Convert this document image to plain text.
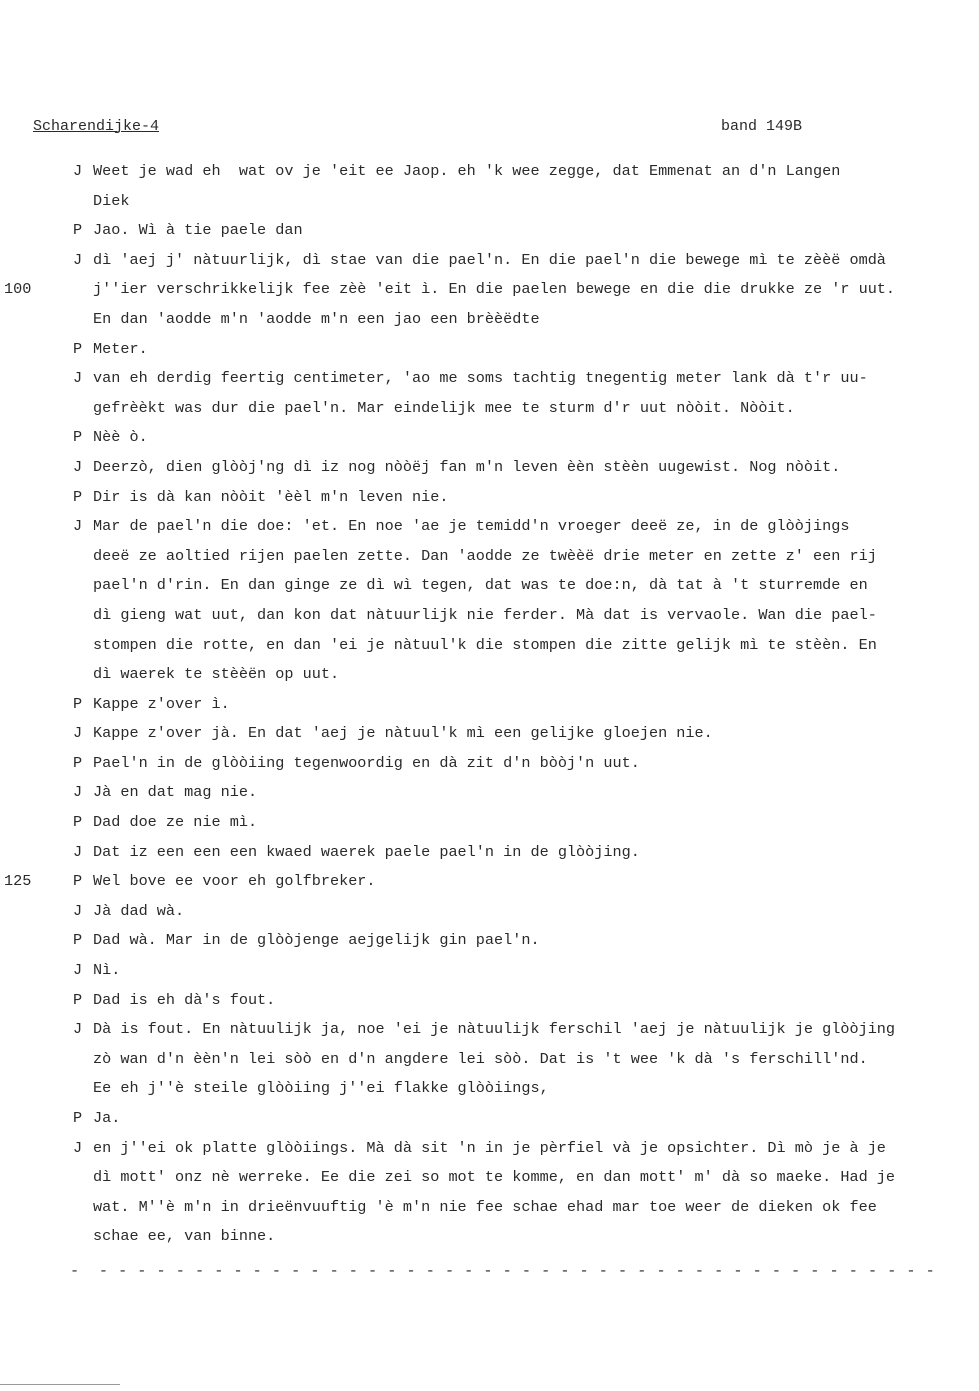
Scharendijke-4	band 149B
J Weet je wad eh  wat ov je 'eit ee Jaop. eh 'k wee zegge, dat Emmenat an d'n Langen
Diek
P Jao. Wì à tie paele dan
J dì 'aej j' nàtuurlijk, dì stae van die pael'n. En die pael'n die bewege mì te zèèë omdà
100	j''ier verschrikkelijk fee zèè 'eit ì. En die paelen bewege en die die drukke ze 'r uut.
En dan 'aodde m'n 'aodde m'n een jao een brèèëdte
P Meter.
J van eh derdig feertig centimeter, 'ao me soms tachtig tnegentig meter lank dà t'r uu-
gefrèèkt was dur die pael'n. Mar eindelijk mee te sturm d'r uut nòòit. Nòòit.
P Nèè ò.
J Deerzò, dien glòòj'ng dì iz nog nòòëj fan m'n leven èèn stèèn uugewist. Nog nòòit.
P Dir is dà kan nòòit 'èèl m'n leven nie.
J Mar de pael'n die doe: 'et. En noe 'ae je temidd'n vroeger deeë ze, in de glòòjings
deeë ze aoltied rijen paelen zette. Dan 'aodde ze twèèë drie meter en zette z' een rij
pael'n d'rin. En dan ginge ze dì wì tegen, dat was te doe:n, dà tat à 't sturremde en
dì gieng wat uut, dan kon dat nàtuurlijk nie ferder. Mà dat is vervaole. Wan die pael-
stompen die rotte, en dan 'ei je nàtuul'k die stompen die zitte gelijk mì te stèèn. En
dì waerek te stèèën op uut.
P Kappe z'over ì.
J Kappe z'over jà. En dat 'aej je nàtuul'k mì een gelijke gloejen nie.
P Pael'n in de glòòiing tegenwoordig en dà zit d'n bòòj'n uut.
J Jà en dat mag nie.
P Dad doe ze nie mì.
J Dat iz een een een kwaed waerek paele pael'n in de glòòjing.
125	P Wel bove ee voor eh golfbreker.
J Jà dad wà.
P Dad wà. Mar in de glòòjenge aejgelijk gin pael'n.
J Nì.
P Dad is eh dà's fout.
J Dà is fout. En nàtuulijk ja, noe 'ei je nàtuulijk ferschil 'aej je nàtuulijk je glòòjing
zò wan d'n èèn'n lei sòò en d'n angdere lei sòò. Dat is 't wee 'k dà 's ferschill'nd.
Ee eh j''è steile glòòiing j''ei flakke glòòiings,
P Ja.
J en j''ei ok platte glòòiings. Mà dà sit 'n in je pèrfiel và je opsichter. Dì mò je à je
dì mott' onz nè werreke. Ee die zei so mot te komme, en dan mott' m' dà so maeke. Had je
wat. M''è m'n in drieënvuuftig 'è m'n nie fee schae ehad mar toe weer de dieken ok fee
schae ee, van binne.
-  - - - - - - - - - - - - - - - - - - - - - - - - - - - - - - - - - - - - - - - - - - - -
